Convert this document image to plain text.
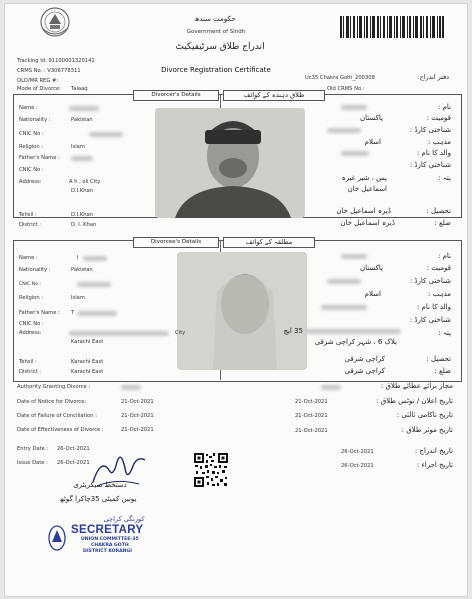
حکومت سندھ
Government of Sindh
اندراج طلاق سرٹیفیکیٹ
Divorce Registration Certificate
Tracking Id: 91100001320141
CRMS No. : V306778311
OLD/MR REG #:
Mode of Divorce: Talaaq
Uc35 Chakra Goth_200308	دفتر اندراج:
Old CRMS No.:
Divorcer's Details	طلاق دہندہ کے کوائف
Name :
Nationality :	Pakistan
CNIC No :
Religion :	Islam
Father's Name :
CNIC No :
Address:	A h , oli City
D.I.Khan
Tehsil :	D.I.Khan
District :	D. I. Khan
نام :
قومیت :
پاکستان
شناختی کارڈ :
مذہب :
اسلام
والد کا نام :
شناختی کارڈ :
پتہ :
پس ، شیر غیرہ
اسماعیل خان
تحصیل :
ڈیرہ اسماعیل خان
ضلع :
ڈیرہ اسماعیل خان
Divorcee's Details	مطلقہ کے کوائف
Name :	I
Nationality :	Pakistan
CNIC No :
Religion :	Islam
Father's Name : T
CNIC No :
Address:	City
Karachi East
Tehsil :	Karachi East
District :	Karachi East
نام :
قومیت :
پاکستان
شناختی کارڈ :
مذہب :
اسلام
والد کا نام :
شناختی کارڈ :
پتہ :
35 ایچ
بلاک 6 ، شہر کراچی شرقی
تحصیل :
کراچی شرقی
ضلع :
کراچی شرقی
Authority Granting Divorce :	مجاز برائے عطائے طلاق :
Date of Notice for Divorce:	21-Oct-2021	21-Oct-2021	تاریخ اعلان / نوٹس طلاق :
Date of Failure of Conciliation :	21-Oct-2021	21-Oct-2021	تاریخ ناکامی ثالثی :
Date of Effectiveness of Divorce :	21-Oct-2021	21-Oct-2021	تاریخ موثر طلاق :
Entry Date : 26-Oct-2021
Issue Date : 26-Oct-2021
26-Oct-2021	تاریخ اندراج :
26-Oct-2021	تاریخ اجراء :
دستخط سیکریٹری
یونین کمیٹی 35چاکرا گوٹھ
کورنگی کراچی
SECRETARY
UNION COMMITTEE-35
CHAKRA GOTH
DISTRICT KORANGI
